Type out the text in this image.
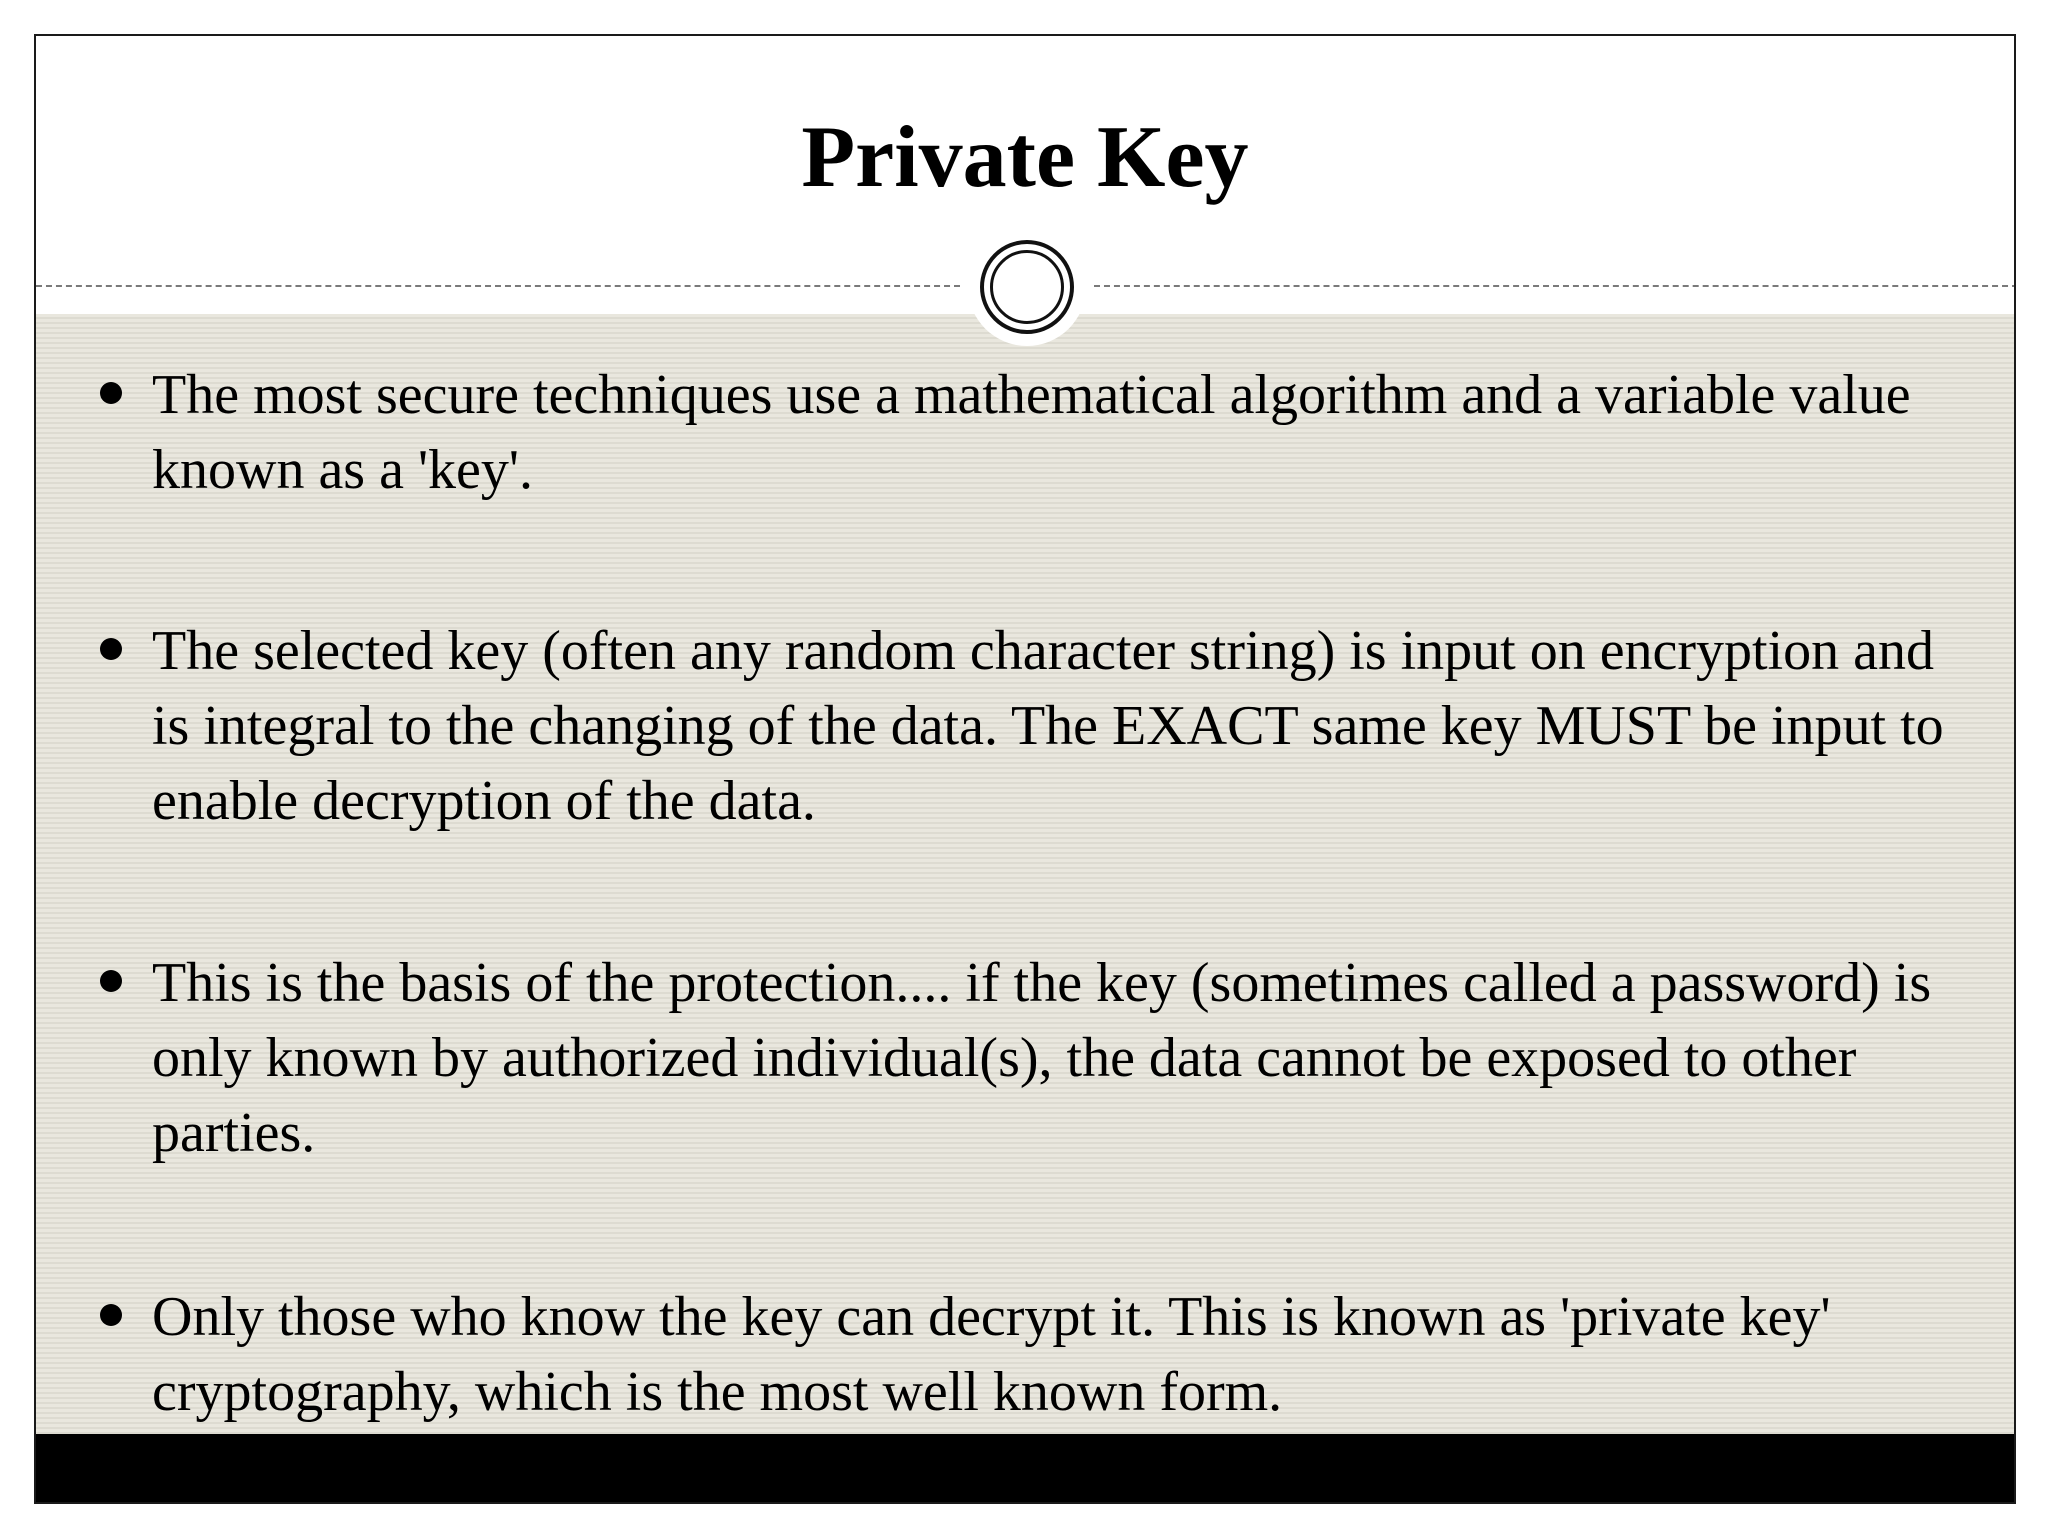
Private Key
The most secure techniques use a mathematical algorithm and a variable value known as a 'key'.
The selected key (often any random character string) is input on encryption and is integral to the changing of the data. The EXACT same key MUST be input to enable decryption of the data.
This is the basis of the protection.... if the key (sometimes called a password) is only known by authorized individual(s), the data cannot be exposed to other parties.
Only those who know the key can decrypt it. This is known as 'private key' cryptography, which is the most well known form.
